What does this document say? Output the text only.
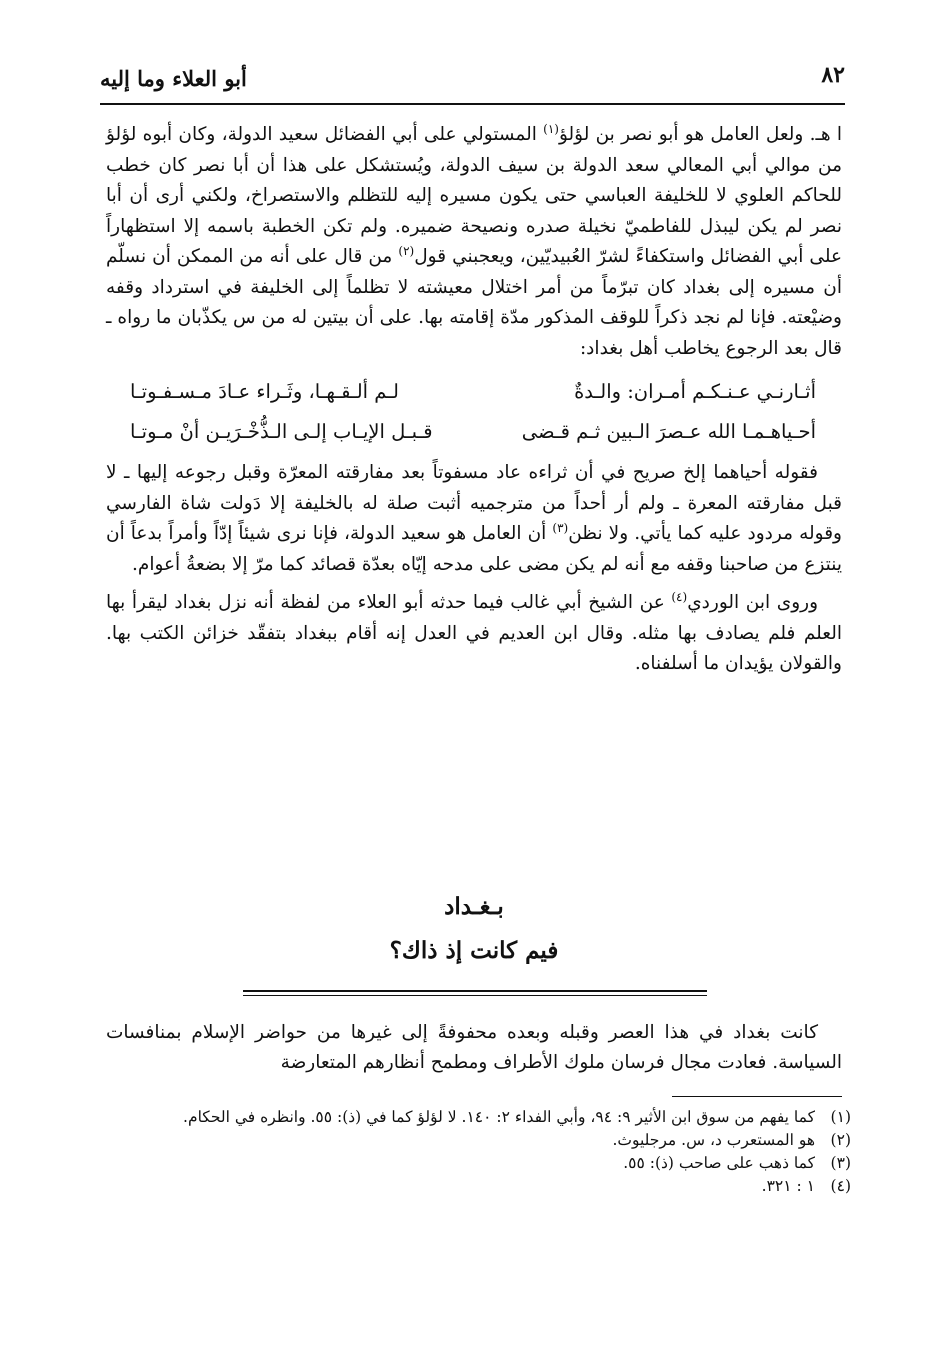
٨٢
أبو العلاء وما إليه

ا هـ. ولعل العامل هو أبو نصر بن لؤلؤ$^{(١)}$ المستولي على أبي الفضائل سعيد الدولة، وكان أبوه لؤلؤ من موالي أبي المعالي سعد الدولة بن سيف الدولة، ويُستشكل على هذا أن أبا نصر كان خطب للحاكم العلوي لا للخليفة العباسي حتى يكون مسيره إليه للتظلم والاستصراخ، ولكني أرى أن أبا نصر لم يكن ليبذل للفاطميّ نخيلة صدره ونصيحة ضميره. ولم تكن الخطبة باسمه إلا استظهاراً على أبي الفضائل واستكفاءً لشرّ العُبيديّين، ويعجبني قول$^{(٢)}$ من قال على أنه من الممكن أن نسلّم أن مسيره إلى بغداد كان تبرّماً من أمر اختلال معيشته لا تظلماً إلى الخليفة في استرداد وقفه وضيْعته. فإنا لم نجد ذكراً للوقف المذكور مدّة إقامته بها. على أن بيتين له من س يكذّبان ما رواه ـ قال بعد الرجوع يخاطب أهل بغداد:

أثـارنـي عـنـكـم أمـران: والـدةٌ
لـم ألـقـهـا، وثَـراء عـادَ مـسـفـوتـا
أحـياهـمـا الله عـصرَ الـبين ثـم قـضى
قـبـل الإيـاب إلـى الـذُّخْـرَيـن أنْ مـوتـا

فقوله أحياهما إلخ صريح في أن ثراءه عاد مسفوتاً بعد مفارقته المعرّة وقبل رجوعه إليها ـ لا قبل مفارقته المعرة ـ ولم أر أحداً من مترجميه أثبت صلة له بالخليفة إلا دَولت شاة الفارسي وقوله مردود عليه كما يأتي. ولا نظن$^{(٣)}$ أن العامل هو سعيد الدولة، فإنا نرى شيئاً إدّاً وأمراً بدعاً أن ينتزع من صاحبنا وقفه مع أنه لم يكن مضى على مدحه إيّاه بعدّة قصائد كما مرّ إلا بضعةُ أعوام.

وروى ابن الوردي$^{(٤)}$ عن الشيخ أبي غالب فيما حدثه أبو العلاء من لفظة أنه نزل بغداد ليقرأ بها العلم فلم يصادف بها مثله. وقال ابن العديم في العدل إنه أقام ببغداد بتفقّد خزائن الكتب بها. والقولان يؤيدان ما أسلفناه.

بـغـداد
فيم كانت إذ ذاك؟

كانت بغداد في هذا العصر وقبله وبعده محفوفةً إلى غيرها من حواضر الإسلام بمنافسات السياسة. فعادت مجال فرسان ملوك الأطراف ومطمح أنظارهم المتعارضة

(١)
كما يفهم من سوق ابن الأثير ٩: ٩٤، وأبي الفداء ٢: ١٤٠. لا لؤلؤ كما في (ذ): ٥٥. وانظره في الحكام.
(٢)
هو المستعرب د، س. مرجليوث.
(٣)
كما ذهب على صاحب (ذ): ٥٥.
(٤)
١ : ٣٢١.
